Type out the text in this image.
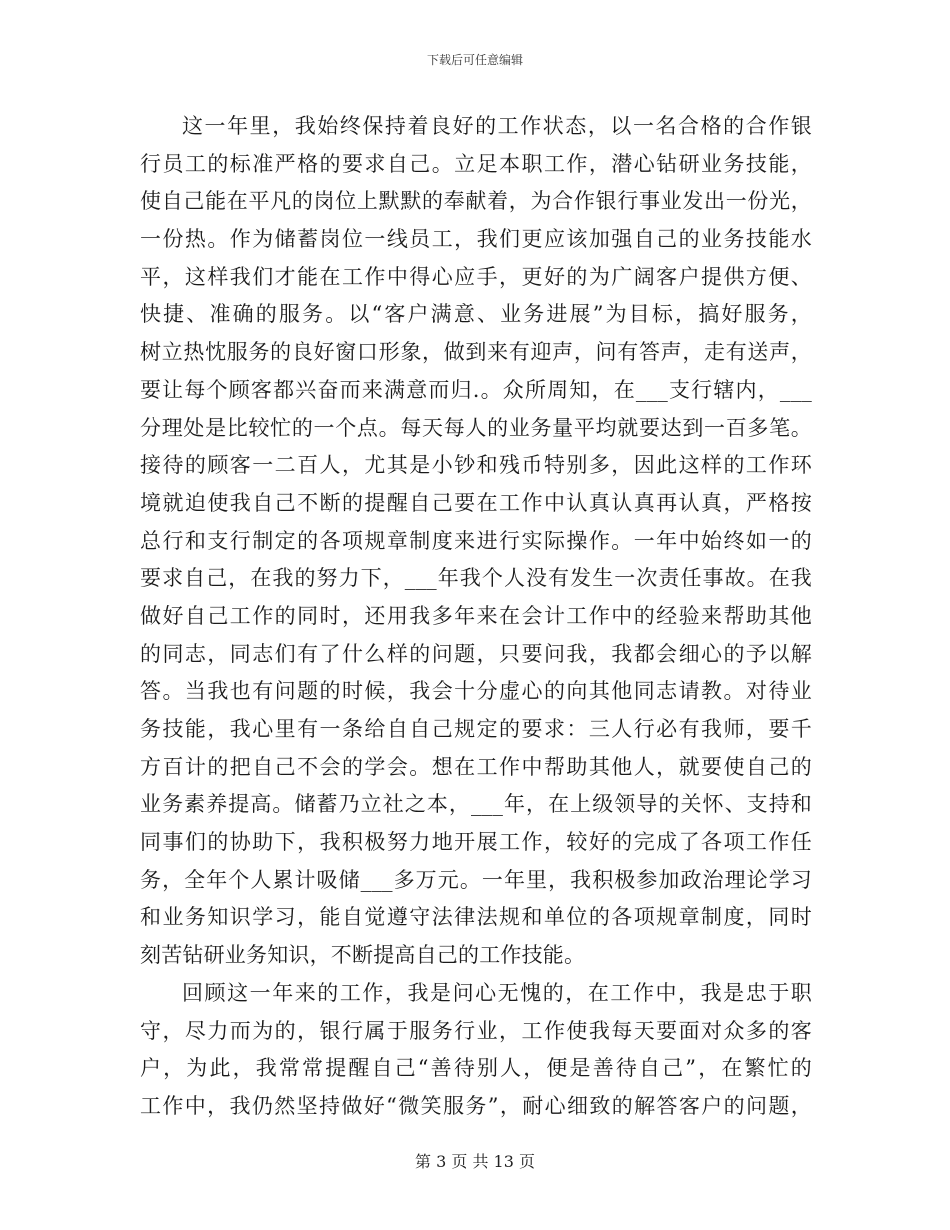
下载后可任意编辑
这一年里，我始终保持着良好的工作状态，以一名合格的合作银
行员工的标准严格的要求自己。立足本职工作，潜心钻研业务技能，
使自己能在平凡的岗位上默默的奉献着，为合作银行事业发出一份光，
一份热。作为储蓄岗位一线员工，我们更应该加强自己的业务技能水
平，这样我们才能在工作中得心应手，更好的为广阔客户提供方便、
快捷、准确的服务。以“客户满意、业务进展”为目标，搞好服务，
树立热忱服务的良好窗口形象，做到来有迎声，问有答声，走有送声，
要让每个顾客都兴奋而来满意而归.。众所周知，在___支行辖内，___
分理处是比较忙的一个点。每天每人的业务量平均就要达到一百多笔。
接待的顾客一二百人，尤其是小钞和残币特别多，因此这样的工作环
境就迫使我自己不断的提醒自己要在工作中认真认真再认真，严格按
总行和支行制定的各项规章制度来进行实际操作。一年中始终如一的
要求自己，在我的努力下，___年我个人没有发生一次责任事故。在我
做好自己工作的同时，还用我多年来在会计工作中的经验来帮助其他
的同志，同志们有了什么样的问题，只要问我，我都会细心的予以解
答。当我也有问题的时候，我会十分虚心的向其他同志请教。对待业
务技能，我心里有一条给自自己规定的要求：三人行必有我师，要千
方百计的把自己不会的学会。想在工作中帮助其他人，就要使自己的
业务素养提高。储蓄乃立社之本，___年，在上级领导的关怀、支持和
同事们的协助下，我积极努力地开展工作，较好的完成了各项工作任
务，全年个人累计吸储___多万元。一年里，我积极参加政治理论学习
和业务知识学习，能自觉遵守法律法规和单位的各项规章制度，同时
刻苦钻研业务知识，不断提高自己的工作技能。
回顾这一年来的工作，我是问心无愧的，在工作中，我是忠于职
守，尽力而为的，银行属于服务行业，工作使我每天要面对众多的客
户，为此，我常常提醒自己“善待别人，便是善待自己”，在繁忙的
工作中，我仍然坚持做好“微笑服务”，耐心细致的解答客户的问题，
第 3 页 共 13 页
